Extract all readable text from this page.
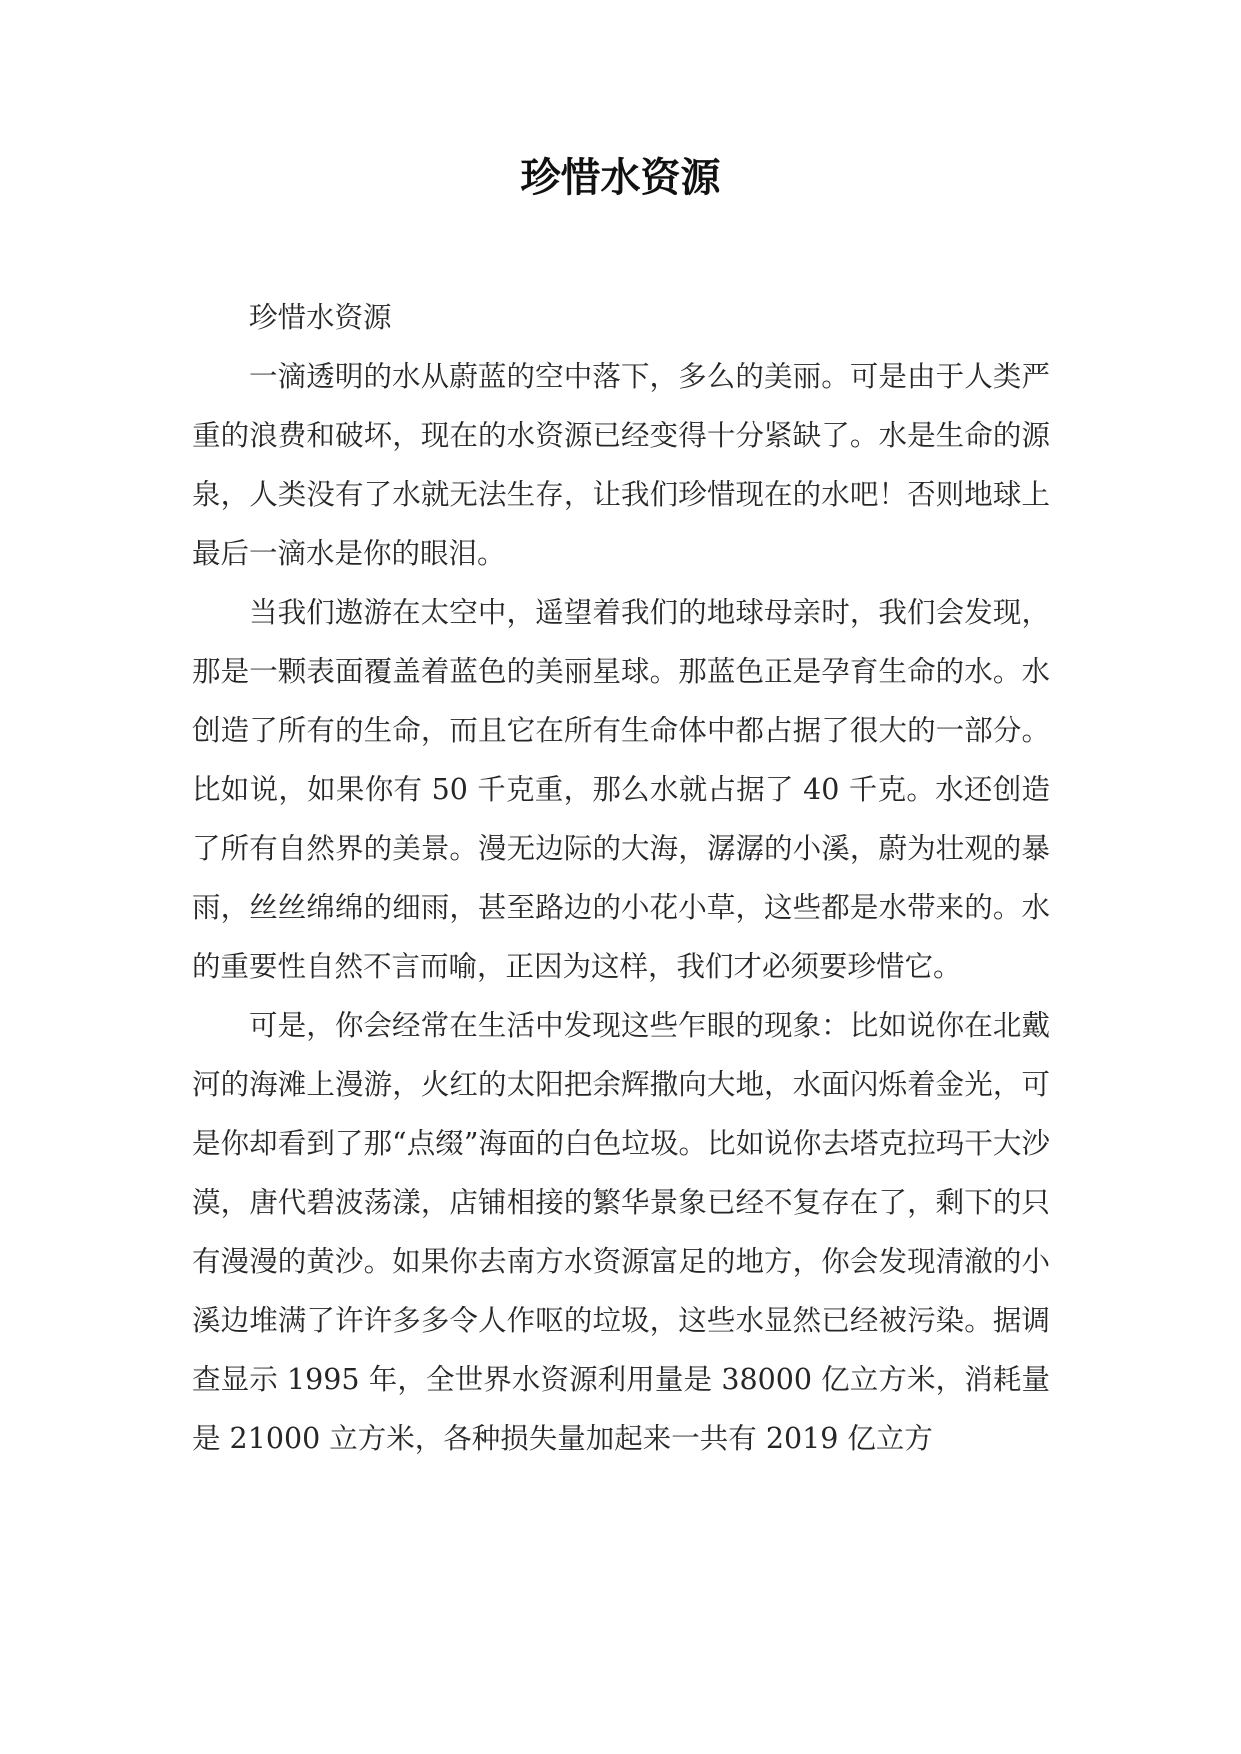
珍惜水资源

珍惜水资源

一滴透明的水从蔚蓝的空中落下，多么的美丽。可是由于人类严重的浪费和破坏，现在的水资源已经变得十分紧缺了。水是生命的源泉，人类没有了水就无法生存，让我们珍惜现在的水吧！否则地球上最后一滴水是你的眼泪。

当我们遨游在太空中，遥望着我们的地球母亲时，我们会发现，那是一颗表面覆盖着蓝色的美丽星球。那蓝色正是孕育生命的水。水创造了所有的生命，而且它在所有生命体中都占据了很大的一部分。比如说，如果你有 50 千克重，那么水就占据了 40 千克。水还创造了所有自然界的美景。漫无边际的大海，潺潺的小溪，蔚为壮观的暴雨，丝丝绵绵的细雨，甚至路边的小花小草，这些都是水带来的。水的重要性自然不言而喻，正因为这样，我们才必须要珍惜它。

可是，你会经常在生活中发现这些乍眼的现象：比如说你在北戴河的海滩上漫游，火红的太阳把余辉撒向大地，水面闪烁着金光，可是你却看到了那“点缀”海面的白色垃圾。比如说你去塔克拉玛干大沙漠，唐代碧波荡漾，店铺相接的繁华景象已经不复存在了，剩下的只有漫漫的黄沙。如果你去南方水资源富足的地方，你会发现清澈的小溪边堆满了许许多多令人作呕的垃圾，这些水显然已经被污染。据调查显示 1995 年，全世界水资源利用量是 38000 亿立方米，消耗量是 21000 立方米，各种损失量加起来一共有 2019 亿立方
